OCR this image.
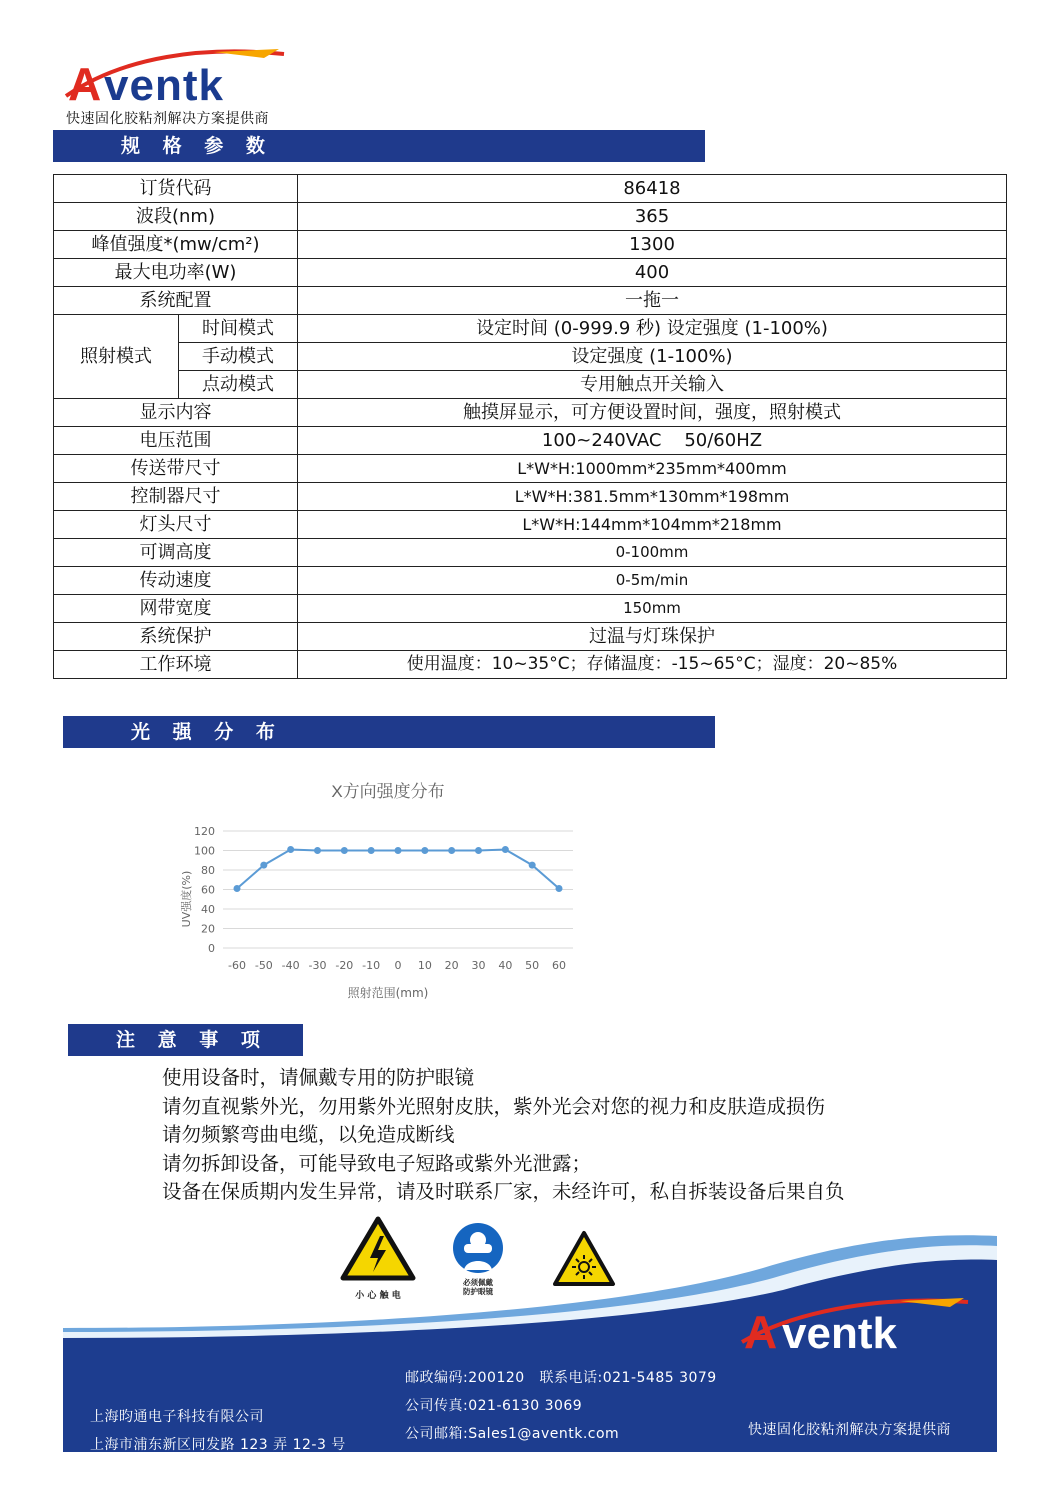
A ventk
快速固化胶粘剂解决方案提供商
规 格 参 数
订货代码		86418
波段(nm)		365
峰值强度*(mw/cm²)		1300
最大电功率(W)		400
系统配置		一拖一
照射模式	时间模式	设定时间 (0-999.9 秒) 设定强度 (1-100%)
	手动模式	设定强度 (1-100%)
	点动模式	专用触点开关输入
显示内容		触摸屏显示，可方便设置时间，强度，照射模式
电压范围		100~240VAC    50/60HZ
传送带尺寸		L*W*H:1000mm*235mm*400mm
控制器尺寸		L*W*H:381.5mm*130mm*198mm
灯头尺寸		L*W*H:144mm*104mm*218mm
可调高度		0-100mm
传动速度		0-5m/min
网带宽度		150mm
系统保护		过温与灯珠保护
工作环境		使用温度：10~35°C；存储温度：-15~65°C；湿度：20~85%
光 强 分 布
X方向强度分布
0
20
40
60
80
100
120
-60 -50 -40 -30 -20 -10 0 10 20 30 40 50 60
UV强度(%)
照射范围(mm)
注 意 事 项
使用设备时，请佩戴专用的防护眼镜
请勿直视紫外光，勿用紫外光照射皮肤，紫外光会对您的视力和皮肤造成损伤
请勿频繁弯曲电缆，以免造成断线
请勿拆卸设备，可能导致电子短路或紫外光泄露；
设备在保质期内发生异常，请及时联系厂家，未经许可，私自拆装设备后果自负
小 心 触 电
必须佩戴
防护眼镜
A ventk
上海昀通电子科技有限公司
上海市浦东新区同发路 123 弄 12-3 号
邮政编码:200120   联系电话:021-5485 3079
公司传真:021-6130 3069
公司邮箱:Sales1@aventk.com	快速固化胶粘剂解决方案提供商
